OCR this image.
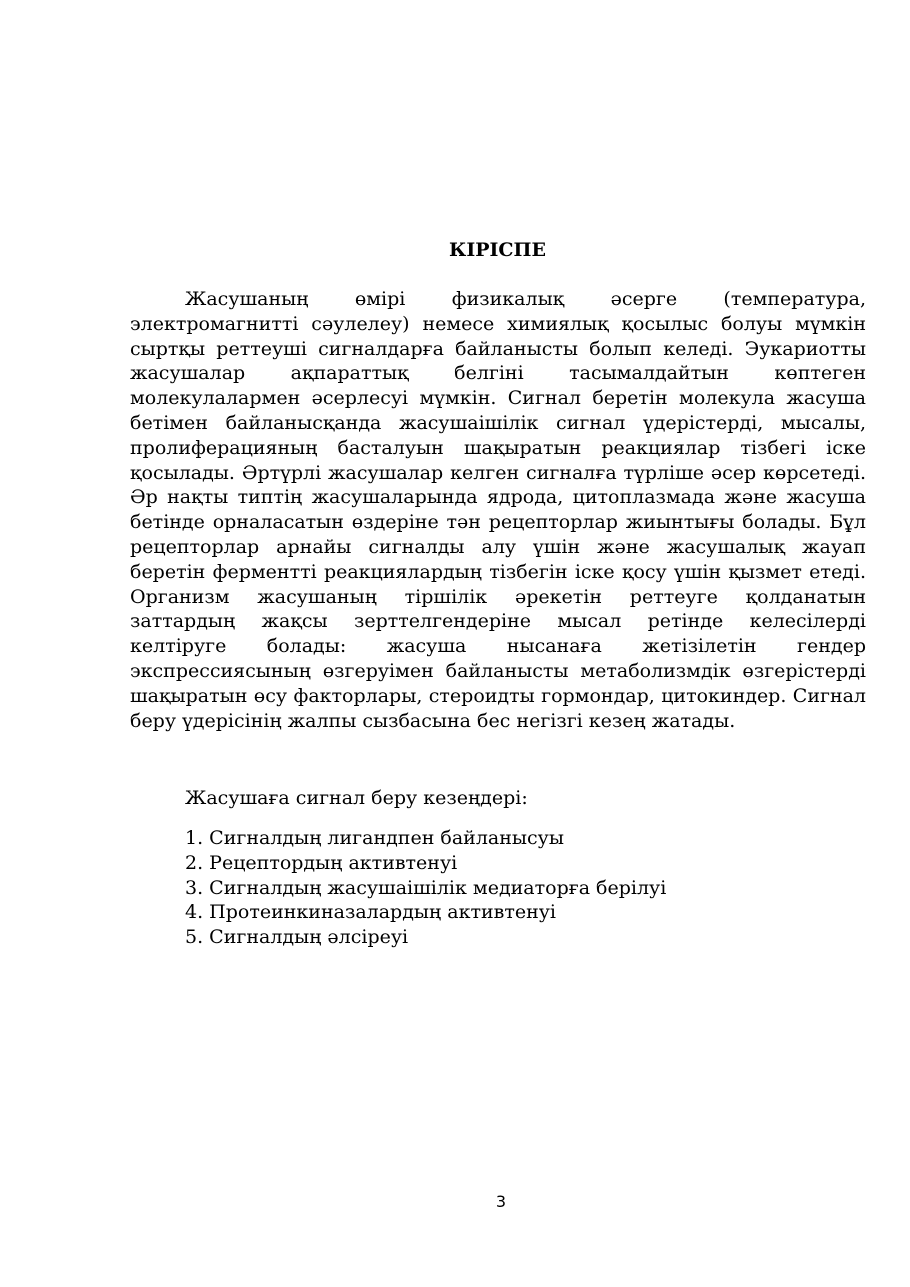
КІРІСПЕ

Жасушаның өмірі физикалық әсерге (температура, электромагнитті сәулелеу) немесе химиялық қосылыс болуы мүмкін сыртқы реттеуші сигналдарға байланысты болып келеді. Эукариотты жасушалар ақпараттық белгіні тасымалдайтын көптеген молекулалармен әсерлесуі мүмкін. Сигнал беретін молекула жасуша бетімен байланысқанда жасушаішілік сигнал үдерістерді, мысалы, пролиферацияның басталуын шақыратын реакциялар тізбегі іске қосылады. Әртүрлі жасушалар келген сигналға түрліше әсер көрсетеді. Әр нақты типтің жасушаларында ядрода, цитоплазмада және жасуша бетінде орналасатын өздеріне тән рецепторлар жиынтығы болады. Бұл рецепторлар арнайы сигналды алу үшін және жасушалық жауап беретін ферментті реакциялардың тізбегін іске қосу үшін қызмет етеді. Организм жасушаның тіршілік әрекетін реттеуге қолданатын заттардың жақсы зерттелгендеріне мысал ретінде келесілерді келтіруге болады: жасуша нысанаға жетізілетін гендер экспрессиясының өзгеруімен байланысты метаболизмдік өзгерістерді шақыратын өсу факторлары, стероидты гормондар, цитокиндер. Сигнал беру үдерісінің жалпы сызбасына бес негізгі кезең жатады.

Жасушаға сигнал беру кезеңдері:

1. Сигналдың лигандпен байланысуы
2. Рецептордың активтенуі
3. Сигналдың жасушаішілік медиаторға берілуі
4. Протеинкиназалардың активтенуі
5. Сигналдың әлсіреуі
3
